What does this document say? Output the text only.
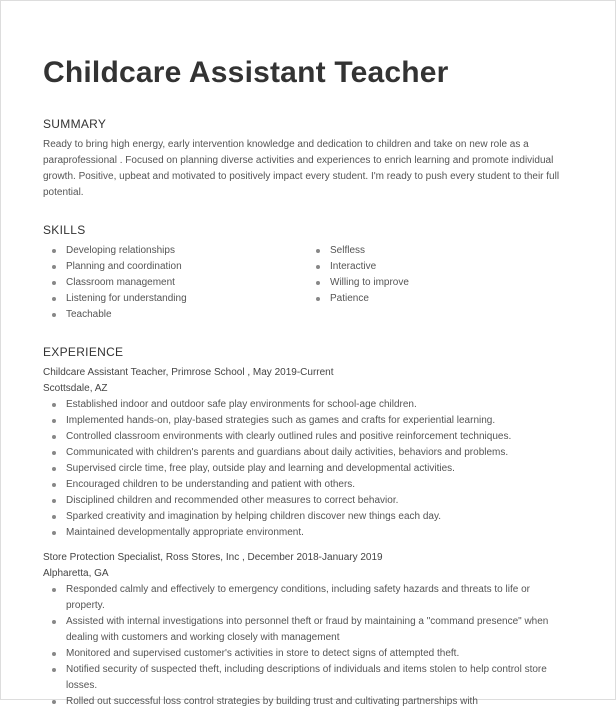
Childcare Assistant Teacher
SUMMARY
Ready to bring high energy, early intervention knowledge and dedication to children and take on new role as a paraprofessional . Focused on planning diverse activities and experiences to enrich learning and promote individual growth. Positive, upbeat and motivated to positively impact every student. I'm ready to push every student to their full potential.
SKILLS
Developing relationships
Planning and coordination
Classroom management
Listening for understanding
Teachable
Selfless
Interactive
Willing to improve
Patience
EXPERIENCE
Childcare Assistant Teacher, Primrose School , May 2019-Current
Scottsdale, AZ
Established indoor and outdoor safe play environments for school-age children.
Implemented hands-on, play-based strategies such as games and crafts for experiential learning.
Controlled classroom environments with clearly outlined rules and positive reinforcement techniques.
Communicated with children's parents and guardians about daily activities, behaviors and problems.
Supervised circle time, free play, outside play and learning and developmental activities.
Encouraged children to be understanding and patient with others.
Disciplined children and recommended other measures to correct behavior.
Sparked creativity and imagination by helping children discover new things each day.
Maintained developmentally appropriate environment.
Store Protection Specialist, Ross Stores, Inc , December 2018-January 2019
Alpharetta, GA
Responded calmly and effectively to emergency conditions, including safety hazards and threats to life or property.
Assisted with internal investigations into personnel theft or fraud by maintaining a "command presence" when dealing with customers and working closely with management
Monitored and supervised customer's activities in store to detect signs of attempted theft.
Notified security of suspected theft, including descriptions of individuals and items stolen to help control store losses.
Rolled out successful loss control strategies by building trust and cultivating partnerships with
